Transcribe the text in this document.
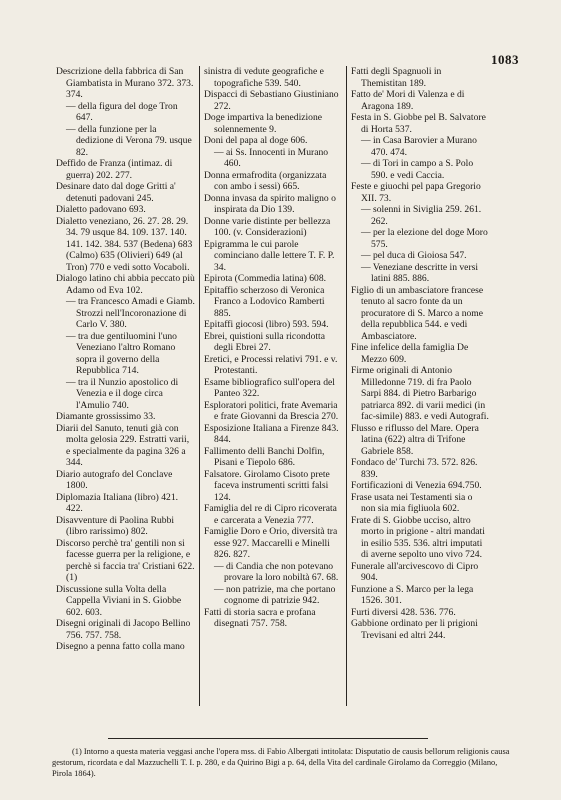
1083

Descrizione della fabbrica di San Giambatista in Murano 372. 373. 374.

— della figura del doge Tron 647.

— della funzione per la dedizione di Verona 79. usque 82.

Deffido de Franza (intimaz. di guerra) 202. 277.

Desinare dato dal doge Gritti a' detenuti padovani 245.

Dialetto padovano 693.

Dialetto veneziano, 26. 27. 28. 29. 34. 79 usque 84. 109. 137. 140. 141. 142. 384. 537 (Bedena) 683 (Calmo) 635 (Olivieri) 649 (al Tron) 770 e vedi sotto Vocaboli.

Dialogo latino chi abbia peccato più Adamo od Eva 102.

— tra Francesco Amadi e Giamb. Strozzi nell'Incoronazione di Carlo V. 380.

— tra due gentiluomini l'uno Veneziano l'altro Romano sopra il governo della Repubblica 714.

— tra il Nunzio apostolico di Venezia e il doge circa l'Amulio 740.

Diamante grossissimo 33.

Diarii del Sanuto, tenuti già con molta gelosia 229. Estratti varii, e specialmente da pagina 326 a 344.

Diario autografo del Conclave 1800.

Diplomazia Italiana (libro) 421. 422.

Disavventure di Paolina Rubbi (libro rarissimo) 802.

Discorso perchè tra' gentili non si facesse guerra per la religione, e perchè si faccia tra' Cristiani 622. (1)

Discussione sulla Volta della Cappella Viviani in S. Giobbe 602. 603.

Disegni originali di Jacopo Bellino 756. 757. 758.

Disegno a penna fatto colla mano

sinistra di vedute geografiche e topografiche 539. 540.

Dispacci di Sebastiano Giustiniano 272.

Doge impartiva la benedizione solennemente 9.

Doni del papa al doge 606.

— ai Ss. Innocenti in Murano 460.

Donna ermafrodita (organizzata con ambo i sessi) 665.

Donna invasa da spirito maligno o inspirata da Dio 139.

Donne varie distinte per bellezza 100. (v. Considerazioni)

Epigramma le cui parole cominciano dalle lettere T. F. P. 34.

Epirota (Commedia latina) 608.

Epitaffio scherzoso di Veronica Franco a Lodovico Ramberti 885.

Epitaffi giocosi (libro) 593. 594.

Ebrei, quistioni sulla ricondotta degli Ebrei 27.

Eretici, e Processi relativi 791. e v. Protestanti.

Esame bibliografico sull'opera del Panteo 322.

Esploratori politici, frate Avemaria e frate Giovanni da Brescia 270.

Esposizione Italiana a Firenze 843. 844.

Fallimento delli Banchi Dolfin, Pisani e Tiepolo 686.

Falsatore. Girolamo Cisoto prete faceva instrumenti scritti falsi 124.

Famiglia del re di Cipro ricoverata e carcerata a Venezia 777.

Famiglie Doro e Orio, diversità tra esse 927. Maccarelli e Minelli 826. 827.

— di Candia che non potevano provare la loro nobiltà 67. 68.

— non patrizie, ma che portano cognome di patrizie 942.

Fatti di storia sacra e profana disegnati 757. 758.

Fatti degli Spagnuoli in Themistitan 189.

Fatto de' Mori di Valenza e di Aragona 189.

Festa in S. Giobbe pel B. Salvatore di Horta 537.

— in Casa Barovier a Murano 470. 474.

— di Tori in campo a S. Polo 590. e vedi Caccia.

Feste e giuochi pel papa Gregorio XII. 73.

— solenni in Siviglia 259. 261. 262.

— per la elezione del doge Moro 575.

— pel duca di Gioiosa 547.

— Veneziane descritte in versi latini 885. 886.

Figlio di un ambasciatore francese tenuto al sacro fonte da un procuratore di S. Marco a nome della repubblica 544. e vedi Ambasciatore.

Fine infelice della famiglia De Mezzo 609.

Firme originali di Antonio Milledonne 719. di fra Paolo Sarpi 884. di Pietro Barbarigo patriarca 892. di varii medici (in fac-simile) 883. e vedi Autografi.

Flusso e riflusso del Mare. Opera latina (622) altra di Trifone Gabriele 858.

Fondaco de' Turchi 73. 572. 826. 839.

Fortificazioni di Venezia 694.750.

Frase usata nei Testamenti sia o non sia mia figliuola 602.

Frate di S. Giobbe ucciso, altro morto in prigione - altri mandati in esilio 535. 536. altri imputati di averne sepolto uno vivo 724.

Funerale all'arcivescovo di Cipro 904.

Funzione a S. Marco per la lega 1526. 301.

Furti diversi 428. 536. 776.

Gabbione ordinato per li prigioni Trevisani ed altri 244.

(1) Intorno a questa materia veggasi anche l'opera mss. di Fabio Albergati intitolata: Disputatio de causis bellorum religionis causa gestorum, ricordata e dal Mazzuchelli T. I. p. 280, e da Quirino Bigi a p. 64, della Vita del cardinale Girolamo da Correggio (Milano, Pirola 1864).
